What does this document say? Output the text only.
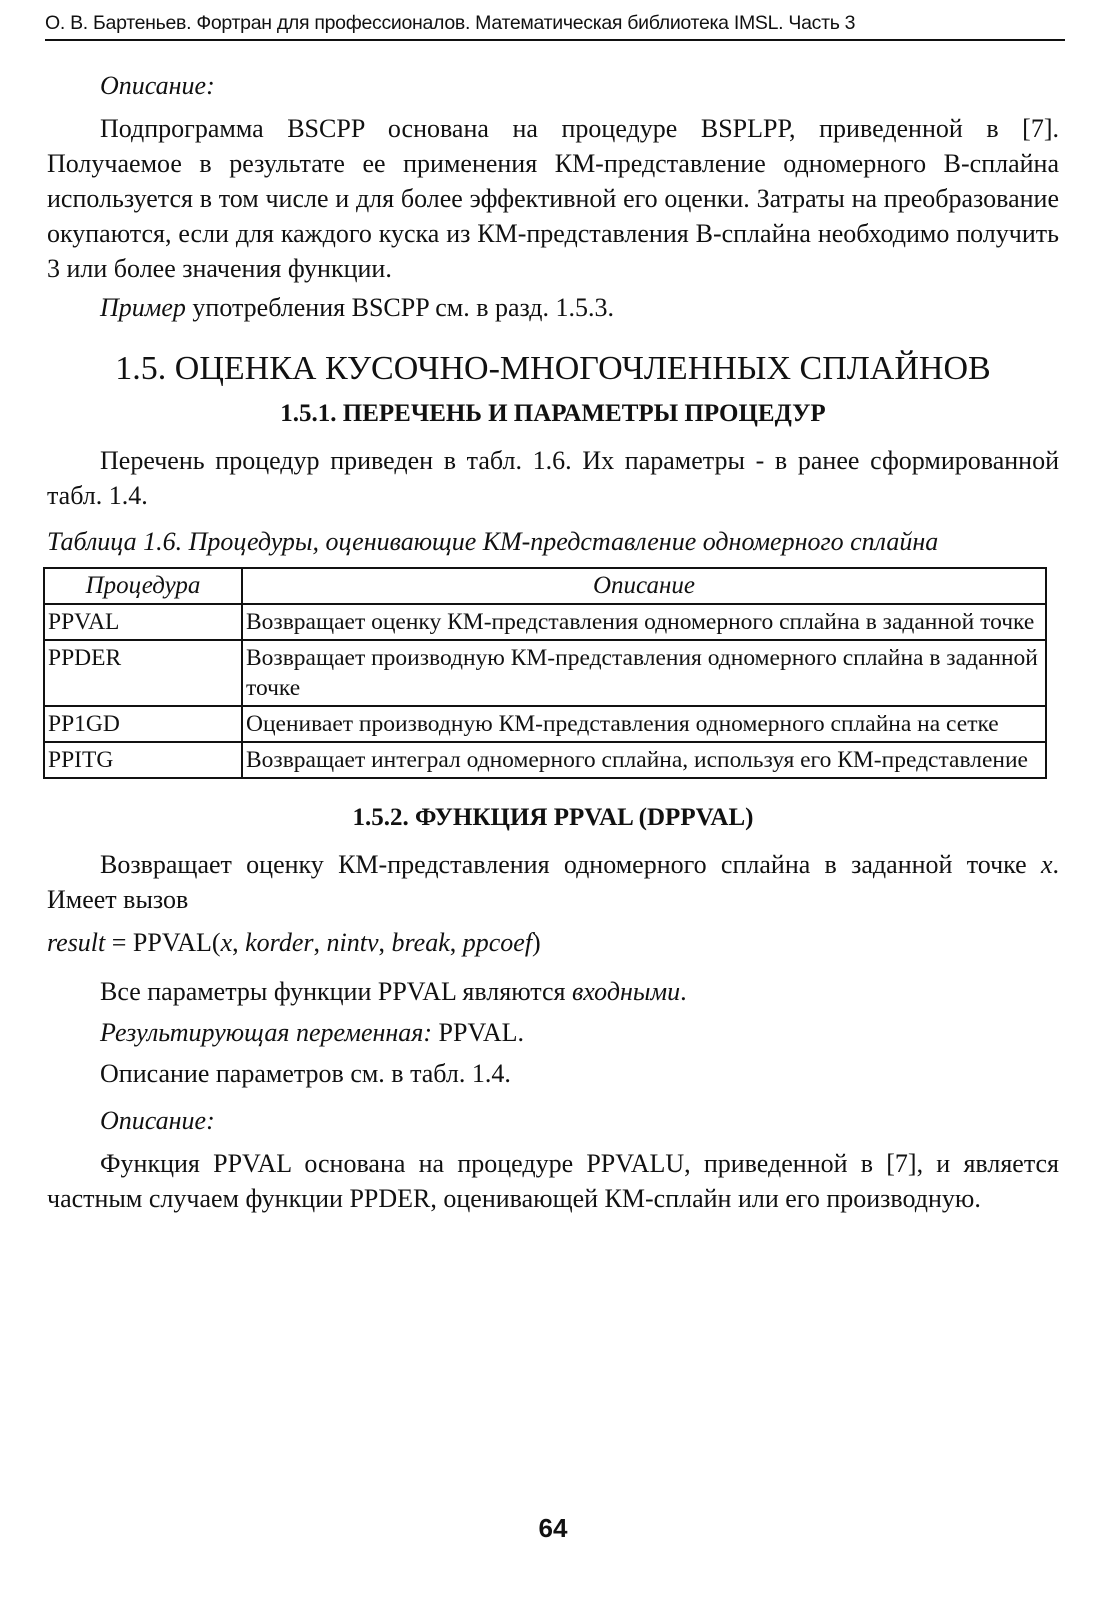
О. В. Бартеньев. Фортран для профессионалов. Математическая библиотека IMSL. Часть 3

Описание:

Подпрограмма BSCPP основана на процедуре BSPLPP, приведенной в [7]. Получаемое в результате ее применения КМ-представление одномерного В-сплайна используется в том числе и для более эффективной его оценки. Затраты на преобразование окупаются, если для каждого куска из КМ-представления В-сплайна необходимо получить 3 или более значения функции.

Пример употребления BSCPP см. в разд. 1.5.3.

1.5. ОЦЕНКА КУСОЧНО-МНОГОЧЛЕННЫХ СПЛАЙНОВ
1.5.1. ПЕРЕЧЕНЬ И ПАРАМЕТРЫ ПРОЦЕДУР

Перечень процедур приведен в табл. 1.6. Их параметры - в ранее сформированной табл. 1.4.

Таблица 1.6. Процедуры, оценивающие КМ-представление одномерного сплайна

Процедура	Описание
PPVAL	Возвращает оценку КМ-представления одномерного сплайна в заданной точке
PPDER	Возвращает производную КМ-представления одномерного сплайна в заданной точке
PP1GD	Оценивает производную КМ-представления одномерного сплайна на сетке
PPITG	Возвращает интеграл одномерного сплайна, используя его КМ-представление
1.5.2. ФУНКЦИЯ PPVAL (DPPVAL)

Возвращает оценку КМ-представления одномерного сплайна в заданной точке x. Имеет вызов

result = PPVAL(x, korder, nintv, break, ppcoef)

Все параметры функции PPVAL являются входными.

Результирующая переменная: PPVAL.

Описание параметров см. в табл. 1.4.

Описание:

Функция PPVAL основана на процедуре PPVALU, приведенной в [7], и является частным случаем функции PPDER, оценивающей КМ-сплайн или его производную.

64
